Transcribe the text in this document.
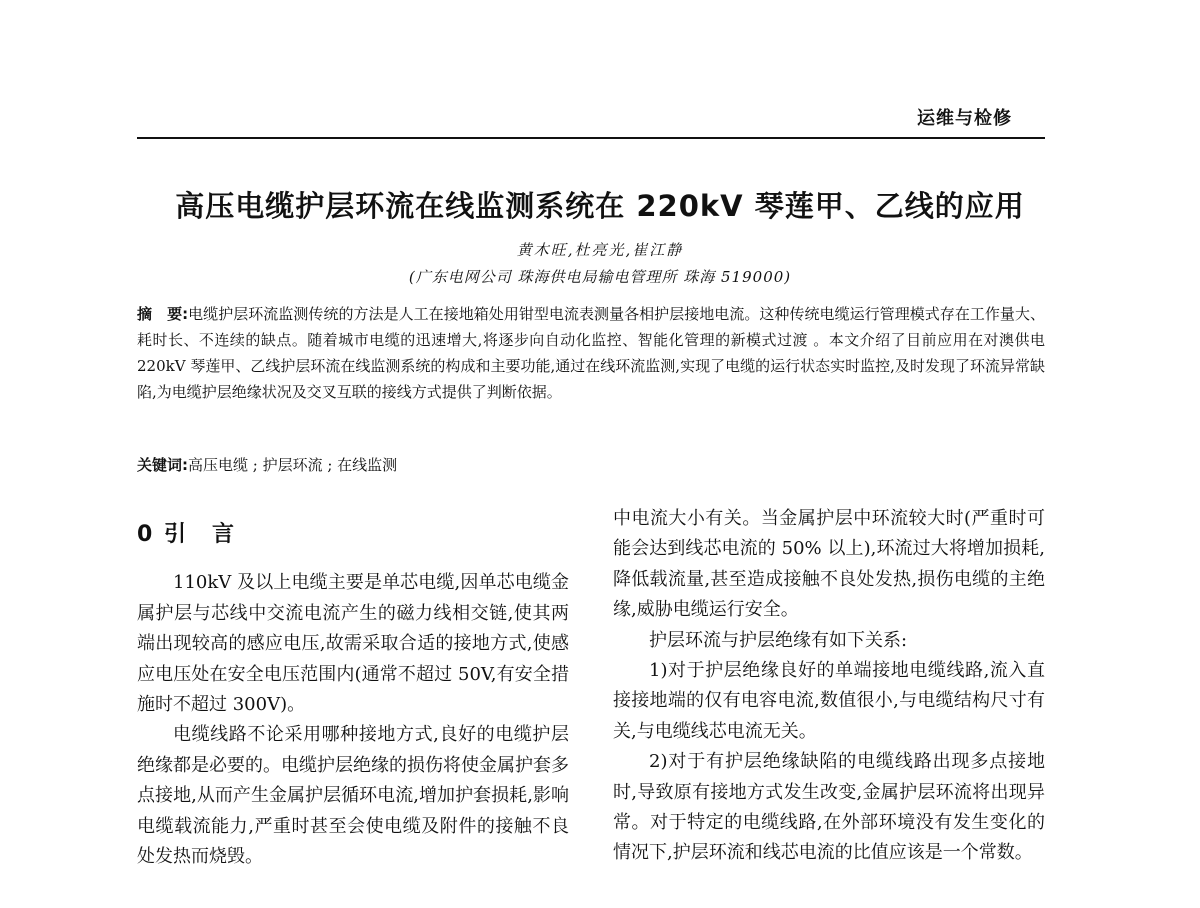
运维与检修
高压电缆护层环流在线监测系统在 220kV 琴莲甲、乙线的应用
黄木旺,杜亮光,崔江静
(广东电网公司 珠海供电局输电管理所 珠海 519000)
摘　要:电缆护层环流监测传统的方法是人工在接地箱处用钳型电流表测量各相护层接地电流。这种传统电缆运行管理模式存在工作量大、耗时长、不连续的缺点。随着城市电缆的迅速增大,将逐步向自动化监控、智能化管理的新模式过渡 。本文介绍了目前应用在对澳供电 220kV 琴莲甲、乙线护层环流在线监测系统的构成和主要功能,通过在线环流监测,实现了电缆的运行状态实时监控,及时发现了环流异常缺陷,为电缆护层绝缘状况及交叉互联的接线方式提供了判断依据。
关键词:高压电缆 ; 护层环流 ; 在线监测
0 引　言

110kV 及以上电缆主要是单芯电缆,因单芯电缆金属护层与芯线中交流电流产生的磁力线相交链,使其两端出现较高的感应电压,故需采取合适的接地方式,使感应电压处在安全电压范围内(通常不超过 50V,有安全措施时不超过 300V)。

电缆线路不论采用哪种接地方式,良好的电缆护层绝缘都是必要的。电缆护层绝缘的损伤将使金属护套多点接地,从而产生金属护层循环电流,增加护套损耗,影响电缆载流能力,严重时甚至会使电缆及附件的接触不良处发热而烧毁。

中电流大小有关。当金属护层中环流较大时(严重时可能会达到线芯电流的 50% 以上),环流过大将增加损耗,降低载流量,甚至造成接触不良处发热,损伤电缆的主绝缘,威胁电缆运行安全。

护层环流与护层绝缘有如下关系:

1)对于护层绝缘良好的单端接地电缆线路,流入直接接地端的仅有电容电流,数值很小,与电缆结构尺寸有关,与电缆线芯电流无关。

2)对于有护层绝缘缺陷的电缆线路出现多点接地时,导致原有接地方式发生改变,金属护层环流将出现异常。对于特定的电缆线路,在外部环境没有发生变化的情况下,护层环流和线芯电流的比值应该是一个常数。
